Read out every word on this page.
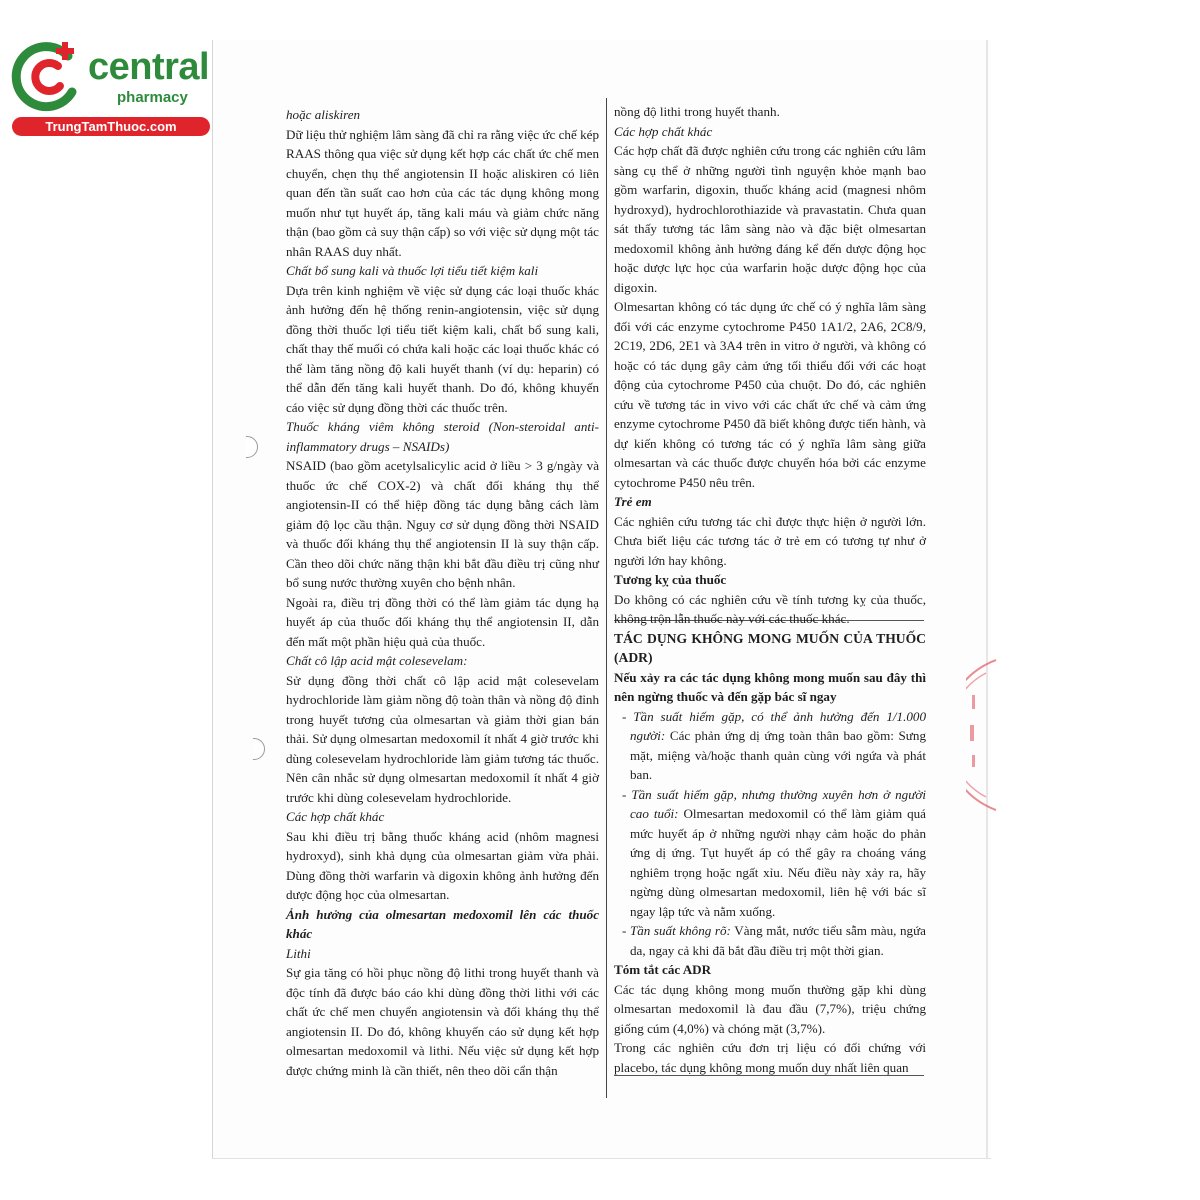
central
pharmacy
TrungTamThuoc.com

hoặc aliskiren

Dữ liệu thử nghiệm lâm sàng đã chỉ ra rằng việc ức chế kép RAAS thông qua việc sử dụng kết hợp các chất ức chế men chuyển, chẹn thụ thể angiotensin II hoặc aliskiren có liên quan đến tần suất cao hơn của các tác dụng không mong muốn như tụt huyết áp, tăng kali máu và giảm chức năng thận (bao gồm cả suy thận cấp) so với việc sử dụng một tác nhân RAAS duy nhất.

Chất bổ sung kali và thuốc lợi tiểu tiết kiệm kali

Dựa trên kinh nghiệm về việc sử dụng các loại thuốc khác ảnh hưởng đến hệ thống renin-angiotensin, việc sử dụng đồng thời thuốc lợi tiểu tiết kiệm kali, chất bổ sung kali, chất thay thế muối có chứa kali hoặc các loại thuốc khác có thể làm tăng nồng độ kali huyết thanh (ví dụ: heparin) có thể dẫn đến tăng kali huyết thanh. Do đó, không khuyến cáo việc sử dụng đồng thời các thuốc trên.

Thuốc kháng viêm không steroid (Non-steroidal anti-inflammatory drugs – NSAIDs)

NSAID (bao gồm acetylsalicylic acid ở liều > 3 g/ngày và thuốc ức chế COX-2) và chất đối kháng thụ thể angiotensin-II có thể hiệp đồng tác dụng bằng cách làm giảm độ lọc cầu thận. Nguy cơ sử dụng đồng thời NSAID và thuốc đối kháng thụ thể angiotensin II là suy thận cấp. Cần theo dõi chức năng thận khi bắt đầu điều trị cũng như bổ sung nước thường xuyên cho bệnh nhân.

Ngoài ra, điều trị đồng thời có thể làm giảm tác dụng hạ huyết áp của thuốc đối kháng thụ thể angiotensin II, dẫn đến mất một phần hiệu quả của thuốc.

Chất cô lập acid mật colesevelam:

Sử dụng đồng thời chất cô lập acid mật colesevelam hydrochloride làm giảm nồng độ toàn thân và nồng độ đỉnh trong huyết tương của olmesartan và giảm thời gian bán thải. Sử dụng olmesartan medoxomil ít nhất 4 giờ trước khi dùng colesevelam hydrochloride làm giảm tương tác thuốc. Nên cân nhắc sử dụng olmesartan medoxomil ít nhất 4 giờ trước khi dùng colesevelam hydrochloride.

Các hợp chất khác

Sau khi điều trị bằng thuốc kháng acid (nhôm magnesi hydroxyd), sinh khả dụng của olmesartan giảm vừa phải. Dùng đồng thời warfarin và digoxin không ảnh hưởng đến dược động học của olmesartan.

Ảnh hưởng của olmesartan medoxomil lên các thuốc khác

Lithi

Sự gia tăng có hồi phục nồng độ lithi trong huyết thanh và độc tính đã được báo cáo khi dùng đồng thời lithi với các chất ức chế men chuyển angiotensin và đối kháng thụ thể angiotensin II. Do đó, không khuyến cáo sử dụng kết hợp olmesartan medoxomil và lithi. Nếu việc sử dụng kết hợp được chứng minh là cần thiết, nên theo dõi cẩn thận

nồng độ lithi trong huyết thanh.

Các hợp chất khác

Các hợp chất đã được nghiên cứu trong các nghiên cứu lâm sàng cụ thể ở những người tình nguyện khỏe mạnh bao gồm warfarin, digoxin, thuốc kháng acid (magnesi nhôm hydroxyd), hydrochlorothiazide và pravastatin. Chưa quan sát thấy tương tác lâm sàng nào và đặc biệt olmesartan medoxomil không ảnh hưởng đáng kể đến dược động học hoặc dược lực học của warfarin hoặc dược động học của digoxin.

Olmesartan không có tác dụng ức chế có ý nghĩa lâm sàng đối với các enzyme cytochrome P450 1A1/2, 2A6, 2C8/9, 2C19, 2D6, 2E1 và 3A4 trên in vitro ở người, và không có hoặc có tác dụng gây cảm ứng tối thiểu đối với các hoạt động của cytochrome P450 của chuột. Do đó, các nghiên cứu về tương tác in vivo với các chất ức chế và cảm ứng enzyme cytochrome P450 đã biết không được tiến hành, và dự kiến không có tương tác có ý nghĩa lâm sàng giữa olmesartan và các thuốc được chuyển hóa bởi các enzyme cytochrome P450 nêu trên.

Trẻ em

Các nghiên cứu tương tác chỉ được thực hiện ở người lớn. Chưa biết liệu các tương tác ở trẻ em có tương tự như ở người lớn hay không.

Tương kỵ của thuốc

Do không có các nghiên cứu về tính tương kỵ của thuốc, không trộn lẫn thuốc này với các thuốc khác.

TÁC DỤNG KHÔNG MONG MUỐN CỦA THUỐC (ADR)

Nếu xảy ra các tác dụng không mong muốn sau đây thì nên ngừng thuốc và đến gặp bác sĩ ngay

- Tần suất hiếm gặp, có thể ảnh hưởng đến 1/1.000 người: Các phản ứng dị ứng toàn thân bao gồm: Sưng mặt, miệng và/hoặc thanh quản cùng với ngứa và phát ban.

- Tần suất hiếm gặp, nhưng thường xuyên hơn ở người cao tuổi: Olmesartan medoxomil có thể làm giảm quá mức huyết áp ở những người nhạy cảm hoặc do phản ứng dị ứng. Tụt huyết áp có thể gây ra choáng váng nghiêm trọng hoặc ngất xỉu. Nếu điều này xảy ra, hãy ngừng dùng olmesartan medoxomil, liên hệ với bác sĩ ngay lập tức và nằm xuống.

- Tần suất không rõ: Vàng mắt, nước tiểu sẫm màu, ngứa da, ngay cả khi đã bắt đầu điều trị một thời gian.

Tóm tắt các ADR

Các tác dụng không mong muốn thường gặp khi dùng olmesartan medoxomil là đau đầu (7,7%), triệu chứng giống cúm (4,0%) và chóng mặt (3,7%).

Trong các nghiên cứu đơn trị liệu có đối chứng với placebo, tác dụng không mong muốn duy nhất liên quan
